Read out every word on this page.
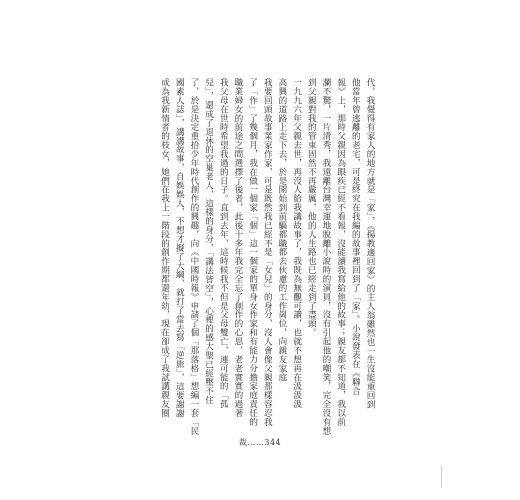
代，我覺得有家人的地方就是「家」，《揚教適回家》的主人翁雖然也一生沒能重回到
他當年曾逃離的老宅，可是終究在我編的故事裡回到了「家」。小說發表在《聯合
報》上，那時父親因為眼疾已經不看報，沒能讀我寫給他的故事；親友都不知道，我以前
瀾不驚，一片清秀，我遠離台灣幸運地脫離小說時的演員，沒有引起他的嘲笑，完全沒有想
到父親對我的管束固然不再嚴厲，他的人生路也已經走到了盡頭。
一九九六年父親去世，再沒人給我講故事了，我既為無觀可讀，也就不想再在汲汲汲
高興的道路上走下去，於是開始到前驅都職都去伙慮的工作崗位，向親友家庭
我要回頭故事業家作家，可是既然我已經不是「女兒」的身分，沒人會像父親那樣容忍我
了「作」了幾個月，我在做一個家「個」這一個家的單身女作家和有能力分擔家庭責任的
職業婦女的前途之間選擇了後者，此後十多年我完全忘了創作的心思，老老實實的過著
我父母在世時希望我過的日子。直到去年，這時候我不但是父母雙亡，連可能的「孤
兒」，還成了退休的空巢老人，這樣的身分，「講法皆空」，心裡的感大聖已經壓不住
了，於是決定重拾少年時代創作的興趣，向《中國時報》申請了個「那落格」想編一套「民
國素人誌」，講講故事，自娛娛人，不想才擬了大綱，就打了當去寫「逆旅」，這要謝謝
成為我新情者的枝女，她們在我上一階段的創作期都還年幼，現在卻成了我試講親友圈
裁……344
